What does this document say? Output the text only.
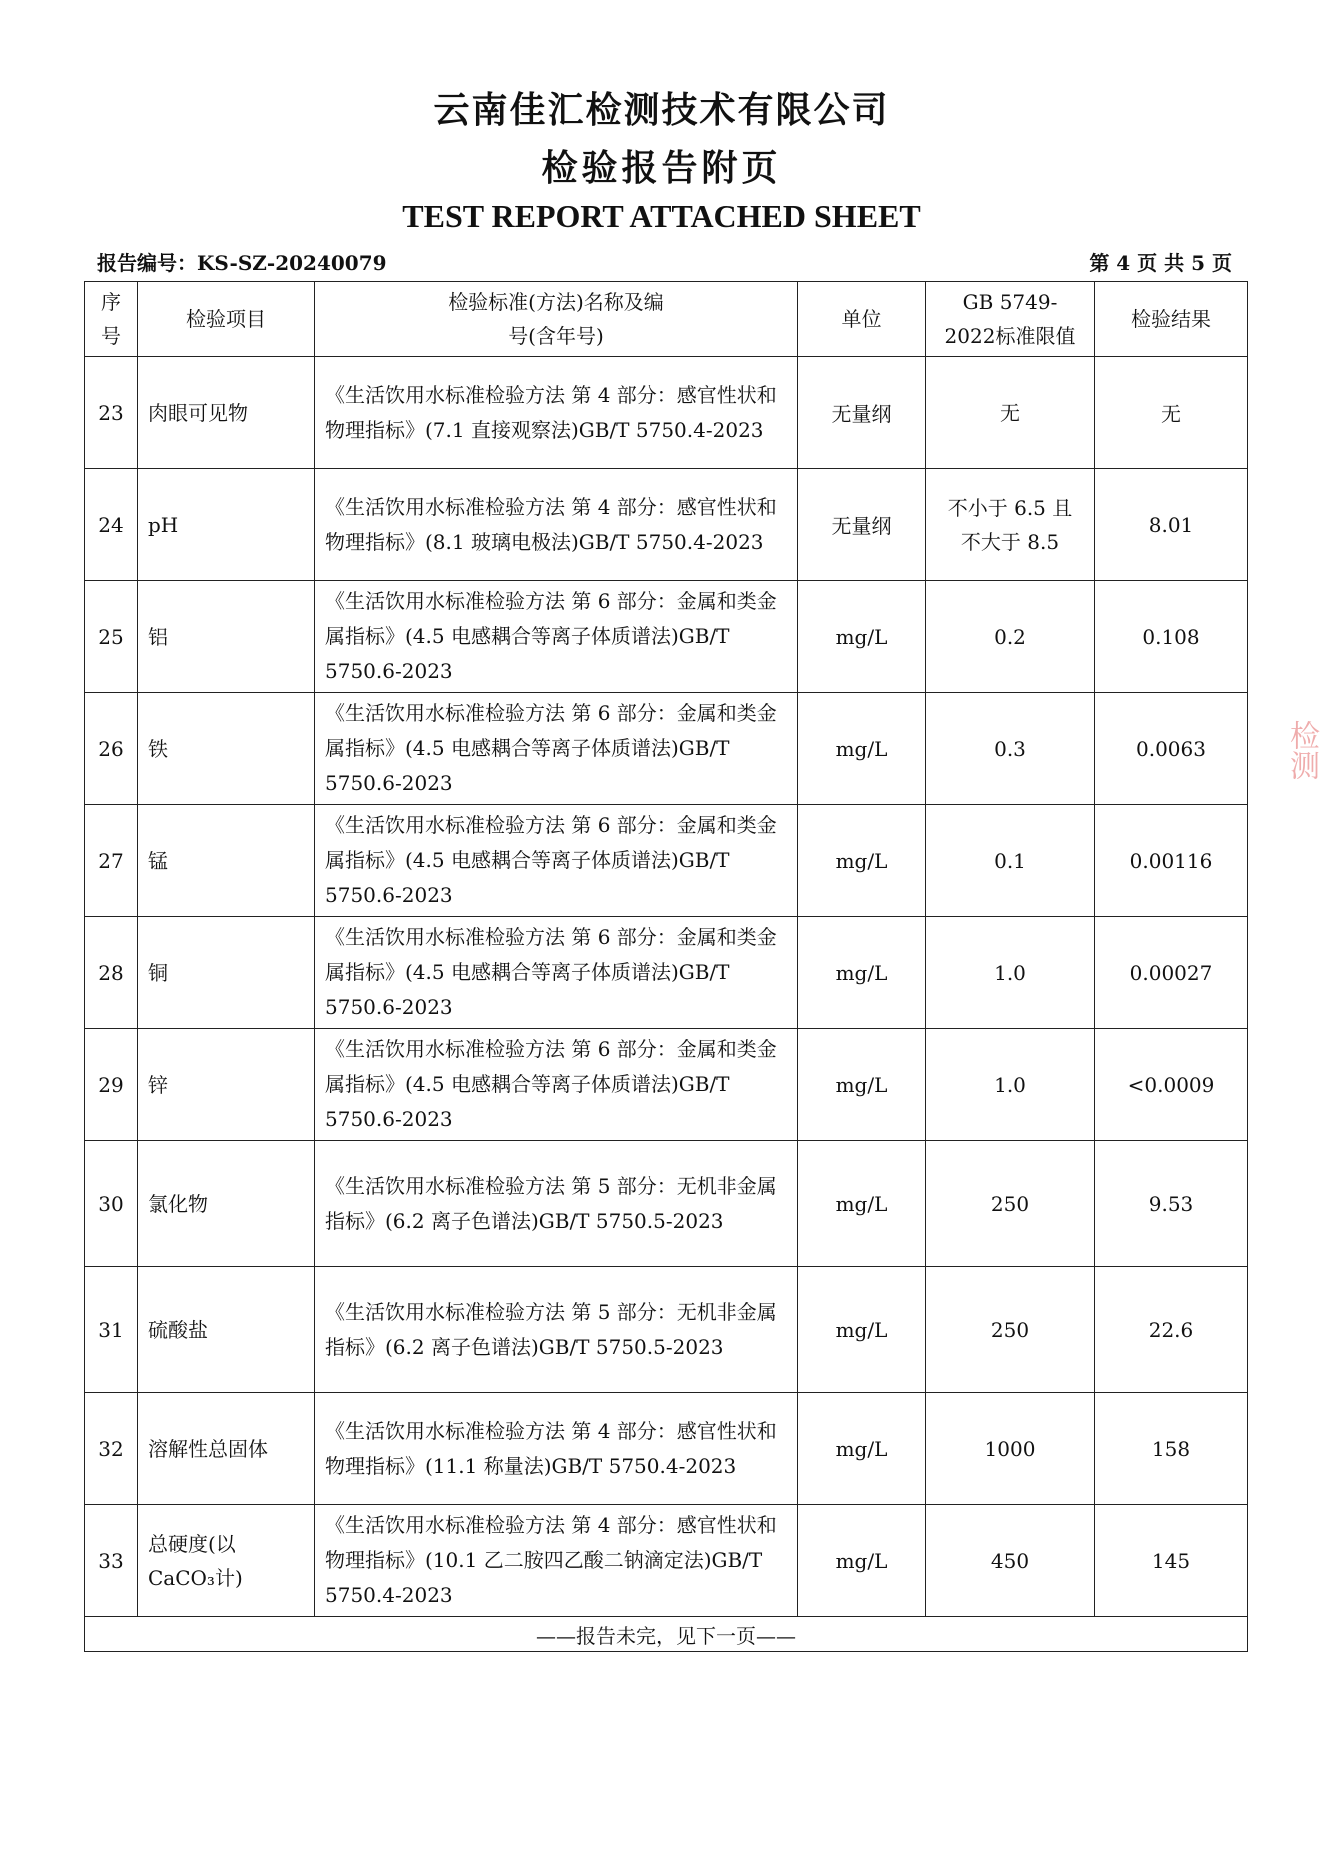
云南佳汇检测技术有限公司
检验报告附页
TEST REPORT ATTACHED SHEET
报告编号：KS-SZ-20240079	第 4 页 共 5 页
序号	检验项目	检验标准(方法)名称及编号(含年号)	单位	GB 5749-2022标准限值	检验结果
23	肉眼可见物	《生活饮用水标准检验方法 第 4 部分：感官性状和物理指标》(7.1 直接观察法)GB/T 5750.4-2023	无量纲	无	无
24	pH	《生活饮用水标准检验方法 第 4 部分：感官性状和物理指标》(8.1 玻璃电极法)GB/T 5750.4-2023	无量纲	不小于 6.5 且不大于 8.5	8.01
25	铝	《生活饮用水标准检验方法 第 6 部分：金属和类金属指标》(4.5 电感耦合等离子体质谱法)GB/T 5750.6-2023	mg/L	0.2	0.108
26	铁	《生活饮用水标准检验方法 第 6 部分：金属和类金属指标》(4.5 电感耦合等离子体质谱法)GB/T 5750.6-2023	mg/L	0.3	0.0063
27	锰	《生活饮用水标准检验方法 第 6 部分：金属和类金属指标》(4.5 电感耦合等离子体质谱法)GB/T 5750.6-2023	mg/L	0.1	0.00116
28	铜	《生活饮用水标准检验方法 第 6 部分：金属和类金属指标》(4.5 电感耦合等离子体质谱法)GB/T 5750.6-2023	mg/L	1.0	0.00027
29	锌	《生活饮用水标准检验方法 第 6 部分：金属和类金属指标》(4.5 电感耦合等离子体质谱法)GB/T 5750.6-2023	mg/L	1.0	<0.0009
30	氯化物	《生活饮用水标准检验方法 第 5 部分：无机非金属指标》(6.2 离子色谱法)GB/T 5750.5-2023	mg/L	250	9.53
31	硫酸盐	《生活饮用水标准检验方法 第 5 部分：无机非金属指标》(6.2 离子色谱法)GB/T 5750.5-2023	mg/L	250	22.6
32	溶解性总固体	《生活饮用水标准检验方法 第 4 部分：感官性状和物理指标》(11.1 称量法)GB/T 5750.4-2023	mg/L	1000	158
33	总硬度(以CaCO₃计)	《生活饮用水标准检验方法 第 4 部分：感官性状和物理指标》(10.1 乙二胺四乙酸二钠滴定法)GB/T 5750.4-2023	mg/L	450	145
——报告未完，见下一页——					
检测
